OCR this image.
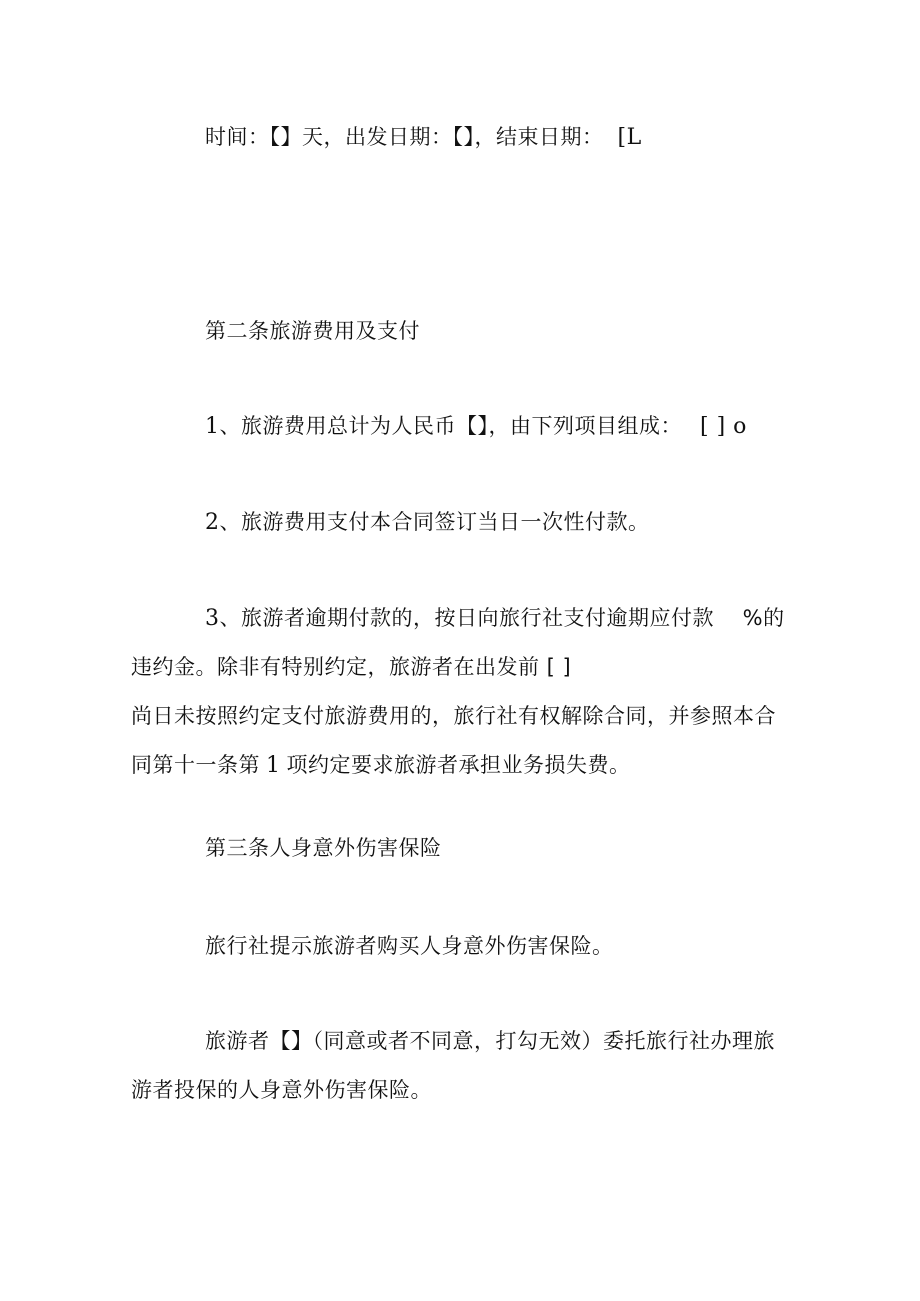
时间：【】天，出发日期：【】，结束日期： [L
第二条旅游费用及支付
1、旅游费用总计为人民币【】，由下列项目组成： [ ] o
2、旅游费用支付本合同签订当日一次性付款。
3、旅游者逾期付款的，按日向旅行社支付逾期应付款　 %的
违约金。除非有特别约定，旅游者在出发前 [ ]
尚日未按照约定支付旅游费用的，旅行社有权解除合同，并参照本合
同第十一条第 1 项约定要求旅游者承担业务损失费。
第三条人身意外伤害保险
旅行社提示旅游者购买人身意外伤害保险。
旅游者【】（同意或者不同意，打勾无效）委托旅行社办理旅
游者投保的人身意外伤害保险。
